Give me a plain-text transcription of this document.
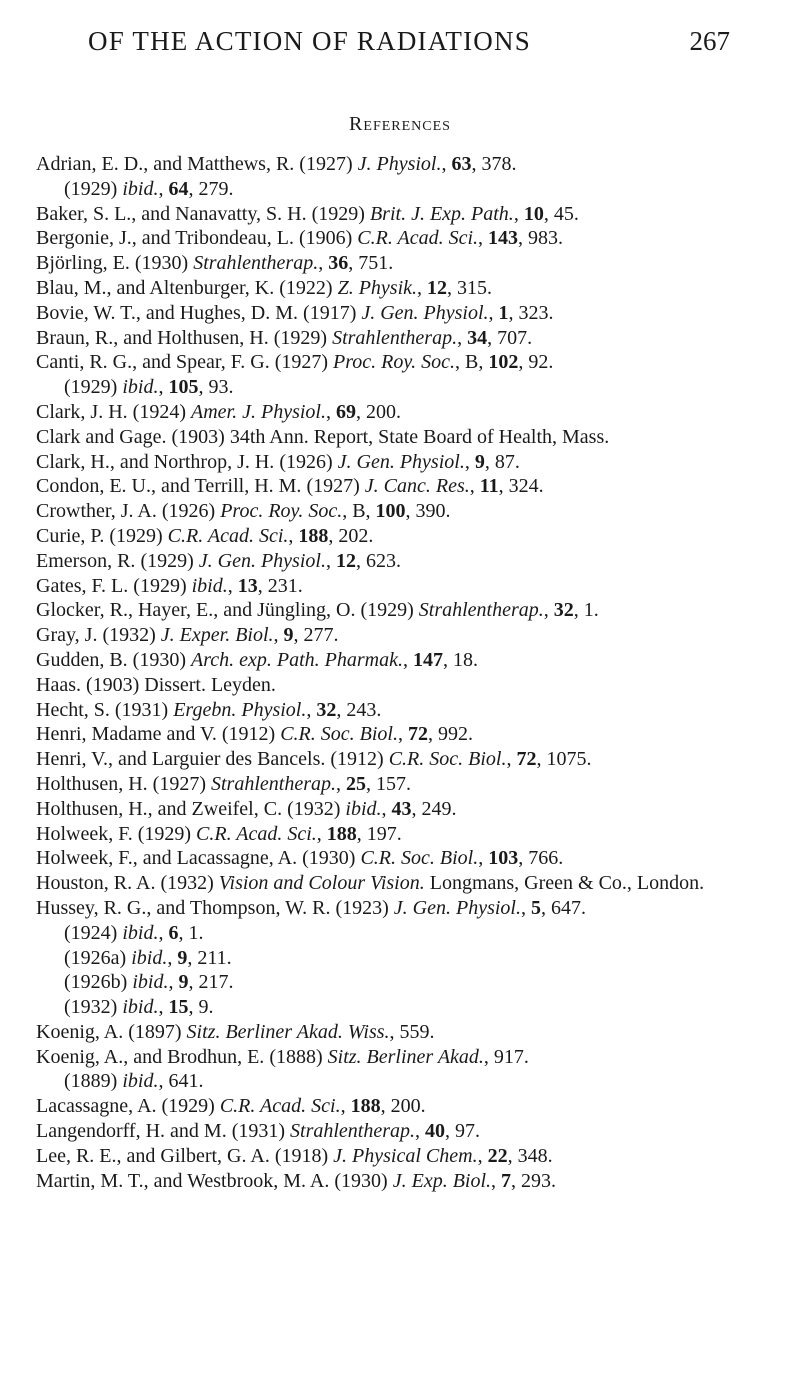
OF THE ACTION OF RADIATIONS	267
References
Adrian, E. D., and Matthews, R. (1927) J. Physiol., 63, 378.
(1929) ibid., 64, 279.
Baker, S. L., and Nanavatty, S. H. (1929) Brit. J. Exp. Path., 10, 45.
Bergonie, J., and Tribondeau, L. (1906) C.R. Acad. Sci., 143, 983.
Björling, E. (1930) Strahlentherap., 36, 751.
Blau, M., and Altenburger, K. (1922) Z. Physik., 12, 315.
Bovie, W. T., and Hughes, D. M. (1917) J. Gen. Physiol., 1, 323.
Braun, R., and Holthusen, H. (1929) Strahlentherap., 34, 707.
Canti, R. G., and Spear, F. G. (1927) Proc. Roy. Soc., B, 102, 92.
(1929) ibid., 105, 93.
Clark, J. H. (1924) Amer. J. Physiol., 69, 200.
Clark and Gage. (1903) 34th Ann. Report, State Board of Health, Mass.
Clark, H., and Northrop, J. H. (1926) J. Gen. Physiol., 9, 87.
Condon, E. U., and Terrill, H. M. (1927) J. Canc. Res., 11, 324.
Crowther, J. A. (1926) Proc. Roy. Soc., B, 100, 390.
Curie, P. (1929) C.R. Acad. Sci., 188, 202.
Emerson, R. (1929) J. Gen. Physiol., 12, 623.
Gates, F. L. (1929) ibid., 13, 231.
Glocker, R., Hayer, E., and Jüngling, O. (1929) Strahlentherap., 32, 1.
Gray, J. (1932) J. Exper. Biol., 9, 277.
Gudden, B. (1930) Arch. exp. Path. Pharmak., 147, 18.
Haas. (1903) Dissert. Leyden.
Hecht, S. (1931) Ergebn. Physiol., 32, 243.
Henri, Madame and V. (1912) C.R. Soc. Biol., 72, 992.
Henri, V., and Larguier des Bancels. (1912) C.R. Soc. Biol., 72, 1075.
Holthusen, H. (1927) Strahlentherap., 25, 157.
Holthusen, H., and Zweifel, C. (1932) ibid., 43, 249.
Holweek, F. (1929) C.R. Acad. Sci., 188, 197.
Holweek, F., and Lacassagne, A. (1930) C.R. Soc. Biol., 103, 766.
Houston, R. A. (1932) Vision and Colour Vision. Longmans, Green & Co., London.
Hussey, R. G., and Thompson, W. R. (1923) J. Gen. Physiol., 5, 647.
(1924) ibid., 6, 1.
(1926a) ibid., 9, 211.
(1926b) ibid., 9, 217.
(1932) ibid., 15, 9.
Koenig, A. (1897) Sitz. Berliner Akad. Wiss., 559.
Koenig, A., and Brodhun, E. (1888) Sitz. Berliner Akad., 917.
(1889) ibid., 641.
Lacassagne, A. (1929) C.R. Acad. Sci., 188, 200.
Langendorff, H. and M. (1931) Strahlentherap., 40, 97.
Lee, R. E., and Gilbert, G. A. (1918) J. Physical Chem., 22, 348.
Martin, M. T., and Westbrook, M. A. (1930) J. Exp. Biol., 7, 293.
